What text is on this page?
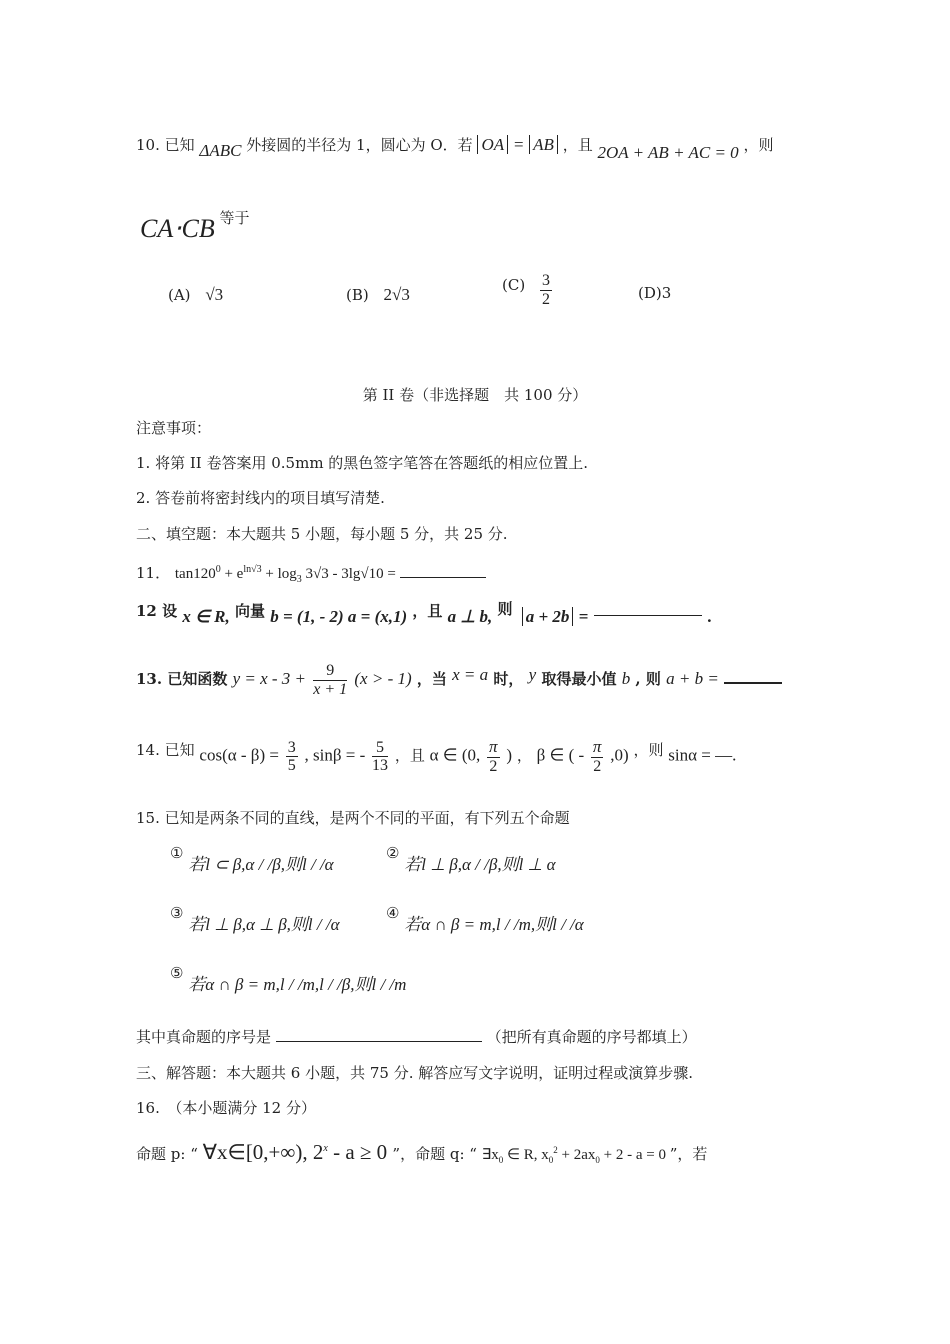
10. 已知 ΔABC 外接圆的半径为 1，圆心为 O．若 OA = AB ，且 2OA + AB + AC = 0 ，则
CA⋅CB 等于
(A) √3	(B) 2√3	$(C) \frac{3}{2}$	(D)3
第 II 卷（非选择题　共 100 分）
注意事项：
1. 将第 II 卷答案用 0.5mm 的黑色签字笔答在答题纸的相应位置上.
2. 答卷前将密封线内的项目填写清楚.
二、填空题：本大题共 5 小题，每小题 5 分，共 25 分.
11． $\tan 120^0 + e^{ln√3} + \log_3 3√3 - 3\lg√10$ =
12 设 x ∈ R, 向量 b = (1, - 2) a = (x,1) ，且 a ⊥ b, 则 a + 2b =	.
13. 已知函数 $y = x - 3 + \frac{9}{x + 1} (x$ > - 1) ，当 x = a 时， y 取得最小值 b , 则 a + b =
14. 已知 $\cos(\alpha - \beta) = \frac{3}{5}$ , sinβ = - $\frac{5}{13}$ ，且 α ∈ (0, $\frac{\pi}{2}$ ) ， β ∈ ( - $\frac{\pi}{2} ,0$) ，则 sinα = —.
15. 已知是两条不同的直线，是两个不同的平面，有下列五个命题
① 若l ⊂ β,α / /β,则l / /α
② 若l ⊥ β,α / /β,则l ⊥ α
③ 若l ⊥ β,α ⊥ β,则l / /α
④ 若α ∩ β = m,l / /m,则l / /α
⑤ 若α ∩ β = m,l / /m,l / /β,则l / /m
其中真命题的序号是	（把所有真命题的序号都填上）
三、解答题：本大题共 6 小题，共 75 分. 解答应写文字说明，证明过程或演算步骤.
16.　（本小题满分 12 分）
命题 p: “ ∀x∈[0,+∞), 2$^x$ - a ≥ 0 ”，命题 q: “ $\exists x_0$ ∈ R, $x_0^2 + 2ax_0 + 2 - a = 0$ ”，若
